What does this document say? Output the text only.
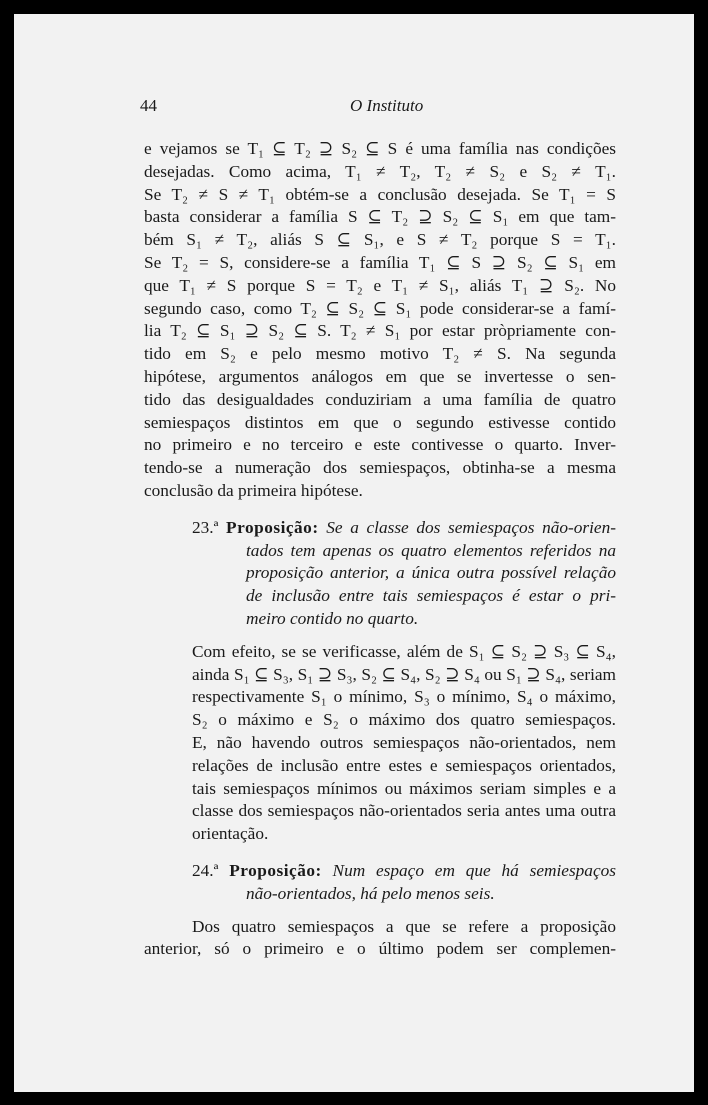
44	O Instituto

e vejamos se T₁ ⊆ T₂ ⊇ S₂ ⊆ S é uma família nas condições
desejadas. Como acima, T₁ ≠ T₂, T₂ ≠ S₂ e S₂ ≠ T₁.
Se T₂ ≠ S ≠ T₁ obtém-se a conclusão desejada. Se T₁ = S
basta considerar a família S ⊆ T₂ ⊇ S₂ ⊆ S₁ em que tam-
bém S₁ ≠ T₂, aliás S ⊆ S₁, e S ≠ T₂ porque S = T₁.
Se T₂ = S, considere-se a família T₁ ⊆ S ⊇ S₂ ⊆ S₁ em
que T₁ ≠ S porque S = T₂ e T₁ ≠ S₁, aliás T₁ ⊇ S₂. No
segundo caso, como T₂ ⊆ S₂ ⊆ S₁ pode considerar-se a famí-
lia T₂ ⊆ S₁ ⊇ S₂ ⊆ S. T₂ ≠ S₁ por estar pròpriamente con-
tido em S₂ e pelo mesmo motivo T₂ ≠ S. Na segunda
hipótese, argumentos análogos em que se invertesse o sen-
tido das desigualdades conduziriam a uma família de quatro
semiespaços distintos em que o segundo estivesse contido
no primeiro e no terceiro e este contivesse o quarto. Inver-
tendo-se a numeração dos semiespaços, obtinha-se a mesma
conclusão da primeira hipótese.

23.ª Proposição: Se a classe dos semiespaços não-orien-
tados tem apenas os quatro elementos referidos na
proposição anterior, a única outra possível relação
de inclusão entre tais semiespaços é estar o pri-
meiro contido no quarto.

Com efeito, se se verificasse, além de S₁ ⊆ S₂ ⊇ S₃ ⊆ S₄,
ainda S₁ ⊆ S₃, S₁ ⊇ S₃, S₂ ⊆ S₄, S₂ ⊇ S₄ ou S₁ ⊇ S₄, seriam
respectivamente S₁ o mínimo, S₃ o mínimo, S₄ o máximo,
S₂ o máximo e S₂ o máximo dos quatro semiespaços.
E, não havendo outros semiespaços não-orientados, nem
relações de inclusão entre estes e semiespaços orientados,
tais semiespaços mínimos ou máximos seriam simples e a
classe dos semiespaços não-orientados seria antes uma outra
orientação.

24.ª Proposição: Num espaço em que há semiespaços
não-orientados, há pelo menos seis.

Dos quatro semiespaços a que se refere a proposição
anterior, só o primeiro e o último podem ser complemen-
